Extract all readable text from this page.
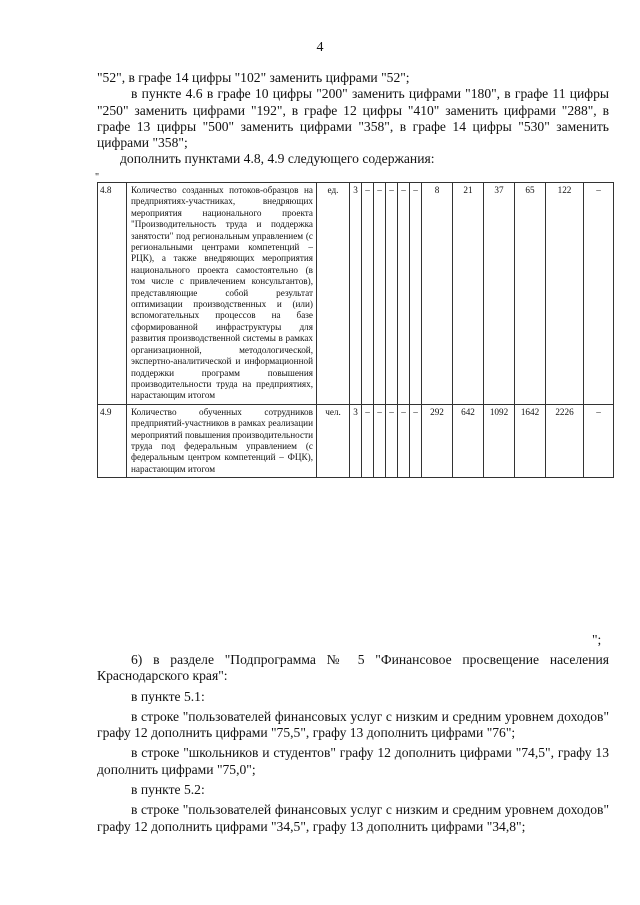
4

"52", в графе 14 цифры "102" заменить цифрами "52";

в пункте 4.6 в графе 10 цифры "200" заменить цифрами "180", в графе 11 цифры "250" заменить цифрами "192", в графе 12 цифры "410" заменить цифрами "288", в графе 13 цифры "500" заменить цифрами "358", в графе 14 цифры "530" заменить цифрами "358";

дополнить пунктами 4.8, 4.9 следующего содержания:

"
4.8	Количество созданных потоков-образцов на предприятиях-участниках, внедряющих мероприятия национального проекта "Производительность труда и поддержка занятости" под региональным управлением (с региональными центрами компетенций – РЦК), а также внедряющих мероприятия национального проекта самостоятельно (в том числе с привлечением консультантов), представляющие собой результат оптимизации производственных и (или) вспомогательных процессов на базе сформированной инфраструктуры для развития производственной системы в рамках организационной, методологической, экспертно-аналитической и информационной поддержки программ повышения производительности труда на предприятиях, нарастающим итогом	ед.	3	–	–	–	–	–	8	21	37	65	122	–
4.9	Количество обученных сотрудников предприятий-участников в рамках реализации мероприятий повышения производительности труда под федеральным управлением (с федеральным центром компетенций – ФЦК), нарастающим итогом	чел.	3	–	–	–	–	–	292	642	1092	1642	2226	–
";

6) в разделе "Подпрограмма № 5 "Финансовое просвещение населения Краснодарского края":

в пункте 5.1:

в строке "пользователей финансовых услуг с низким и средним уровнем доходов" графу 12 дополнить цифрами "75,5", графу 13 дополнить цифрами "76";

в строке "школьников и студентов" графу 12 дополнить цифрами "74,5", графу 13 дополнить цифрами "75,0";

в пункте 5.2:

в строке "пользователей финансовых услуг с низким и средним уровнем доходов" графу 12 дополнить цифрами "34,5", графу 13 дополнить цифрами "34,8";
